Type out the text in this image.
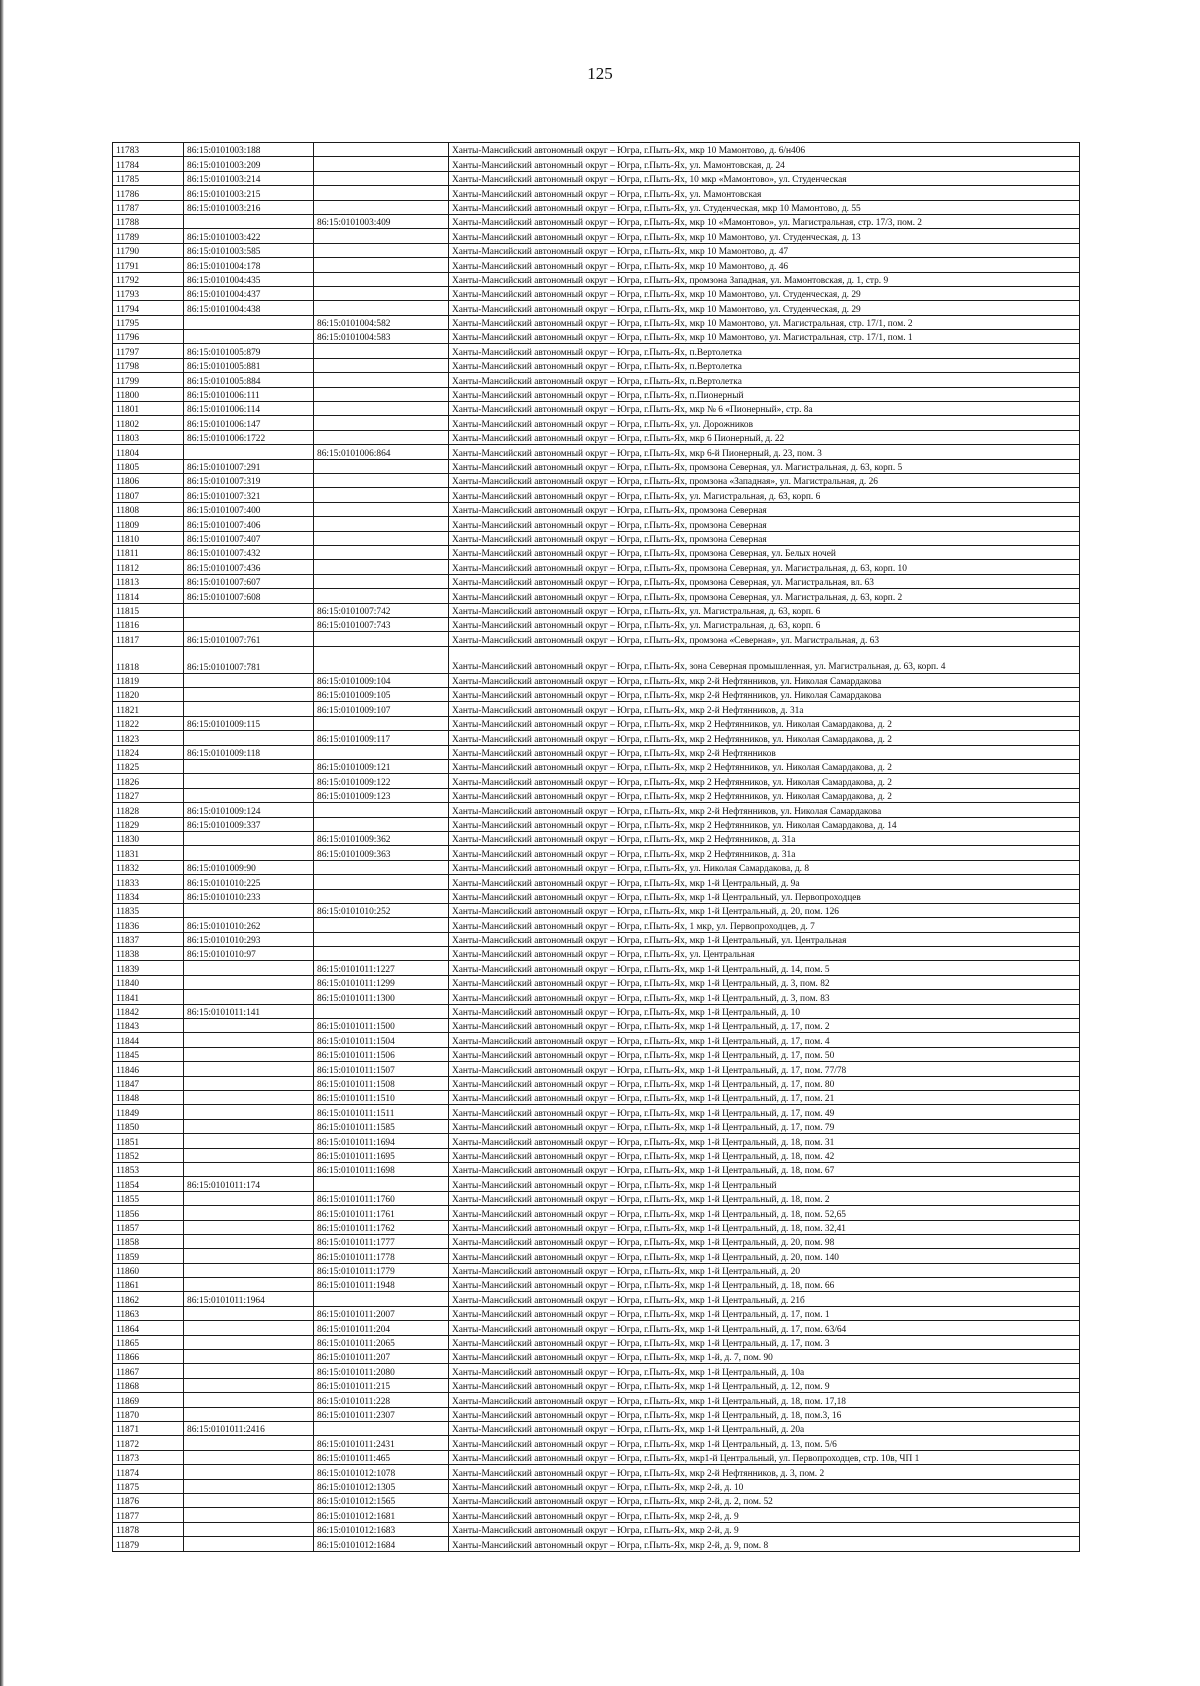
125
11783	86:15:0101003:188		Ханты-Мансийский автономный округ – Югра, г.Пыть-Ях, мкр 10 Мамонтово, д. 6/н406
11784	86:15:0101003:209		Ханты-Мансийский автономный округ – Югра, г.Пыть-Ях, ул. Мамонтовская, д. 24
11785	86:15:0101003:214		Ханты-Мансийский автономный округ – Югра, г.Пыть-Ях, 10 мкр «Мамонтово», ул. Студенческая
11786	86:15:0101003:215		Ханты-Мансийский автономный округ – Югра, г.Пыть-Ях, ул. Мамонтовская
11787	86:15:0101003:216		Ханты-Мансийский автономный округ – Югра, г.Пыть-Ях, ул. Студенческая, мкр 10 Мамонтово, д. 55
11788		86:15:0101003:409	Ханты-Мансийский автономный округ – Югра, г.Пыть-Ях, мкр 10 «Мамонтово», ул. Магистральная, стр. 17/3, пом. 2
11789	86:15:0101003:422		Ханты-Мансийский автономный округ – Югра, г.Пыть-Ях, мкр 10 Мамонтово, ул. Студенческая, д. 13
11790	86:15:0101003:585		Ханты-Мансийский автономный округ – Югра, г.Пыть-Ях, мкр 10 Мамонтово, д. 47
11791	86:15:0101004:178		Ханты-Мансийский автономный округ – Югра, г.Пыть-Ях, мкр 10 Мамонтово, д. 46
11792	86:15:0101004:435		Ханты-Мансийский автономный округ – Югра, г.Пыть-Ях, промзона Западная, ул. Мамонтовская, д. 1, стр. 9
11793	86:15:0101004:437		Ханты-Мансийский автономный округ – Югра, г.Пыть-Ях, мкр 10 Мамонтово, ул. Студенческая, д. 29
11794	86:15:0101004:438		Ханты-Мансийский автономный округ – Югра, г.Пыть-Ях, мкр 10 Мамонтово, ул. Студенческая, д. 29
11795		86:15:0101004:582	Ханты-Мансийский автономный округ – Югра, г.Пыть-Ях, мкр 10 Мамонтово, ул. Магистральная, стр. 17/1, пом. 2
11796		86:15:0101004:583	Ханты-Мансийский автономный округ – Югра, г.Пыть-Ях, мкр 10 Мамонтово, ул. Магистральная, стр. 17/1, пом. 1
11797	86:15:0101005:879		Ханты-Мансийский автономный округ – Югра, г.Пыть-Ях, п.Вертолетка
11798	86:15:0101005:881		Ханты-Мансийский автономный округ – Югра, г.Пыть-Ях, п.Вертолетка
11799	86:15:0101005:884		Ханты-Мансийский автономный округ – Югра, г.Пыть-Ях, п.Вертолетка
11800	86:15:0101006:111		Ханты-Мансийский автономный округ – Югра, г.Пыть-Ях, п.Пионерный
11801	86:15:0101006:114		Ханты-Мансийский автономный округ – Югра, г.Пыть-Ях, мкр № 6 «Пионерный», стр. 8а
11802	86:15:0101006:147		Ханты-Мансийский автономный округ – Югра, г.Пыть-Ях, ул. Дорожников
11803	86:15:0101006:1722		Ханты-Мансийский автономный округ – Югра, г.Пыть-Ях, мкр 6 Пионерный, д. 22
11804		86:15:0101006:864	Ханты-Мансийский автономный округ – Югра, г.Пыть-Ях, мкр 6-й Пионерный, д. 23, пом. 3
11805	86:15:0101007:291		Ханты-Мансийский автономный округ – Югра, г.Пыть-Ях, промзона Северная, ул. Магистральная, д. 63, корп. 5
11806	86:15:0101007:319		Ханты-Мансийский автономный округ – Югра, г.Пыть-Ях, промзона «Западная», ул. Магистральная, д. 26
11807	86:15:0101007:321		Ханты-Мансийский автономный округ – Югра, г.Пыть-Ях, ул. Магистральная, д. 63, корп. 6
11808	86:15:0101007:400		Ханты-Мансийский автономный округ – Югра, г.Пыть-Ях, промзона Северная
11809	86:15:0101007:406		Ханты-Мансийский автономный округ – Югра, г.Пыть-Ях, промзона Северная
11810	86:15:0101007:407		Ханты-Мансийский автономный округ – Югра, г.Пыть-Ях, промзона Северная
11811	86:15:0101007:432		Ханты-Мансийский автономный округ – Югра, г.Пыть-Ях, промзона Северная, ул. Белых ночей
11812	86:15:0101007:436		Ханты-Мансийский автономный округ – Югра, г.Пыть-Ях, промзона Северная, ул. Магистральная, д. 63, корп. 10
11813	86:15:0101007:607		Ханты-Мансийский автономный округ – Югра, г.Пыть-Ях, промзона Северная, ул. Магистральная, вл. 63
11814	86:15:0101007:608		Ханты-Мансийский автономный округ – Югра, г.Пыть-Ях, промзона Северная, ул. Магистральная, д. 63, корп. 2
11815		86:15:0101007:742	Ханты-Мансийский автономный округ – Югра, г.Пыть-Ях, ул. Магистральная, д. 63, корп. 6
11816		86:15:0101007:743	Ханты-Мансийский автономный округ – Югра, г.Пыть-Ях, ул. Магистральная, д. 63, корп. 6
11817	86:15:0101007:761		Ханты-Мансийский автономный округ – Югра, г.Пыть-Ях, промзона «Северная», ул. Магистральная, д. 63
11818	86:15:0101007:781		Ханты-Мансийский автономный округ – Югра, г.Пыть-Ях, зона Северная промышленная, ул. Магистральная, д. 63, корп. 4
11819		86:15:0101009:104	Ханты-Мансийский автономный округ – Югра, г.Пыть-Ях, мкр 2-й Нефтянников, ул. Николая Самардакова
11820		86:15:0101009:105	Ханты-Мансийский автономный округ – Югра, г.Пыть-Ях, мкр 2-й Нефтянников, ул. Николая Самардакова
11821		86:15:0101009:107	Ханты-Мансийский автономный округ – Югра, г.Пыть-Ях, мкр 2-й Нефтянников, д. 31а
11822	86:15:0101009:115		Ханты-Мансийский автономный округ – Югра, г.Пыть-Ях, мкр 2 Нефтянников, ул. Николая Самардакова, д. 2
11823		86:15:0101009:117	Ханты-Мансийский автономный округ – Югра, г.Пыть-Ях, мкр 2 Нефтянников, ул. Николая Самардакова, д. 2
11824	86:15:0101009:118		Ханты-Мансийский автономный округ – Югра, г.Пыть-Ях, мкр 2-й Нефтянников
11825		86:15:0101009:121	Ханты-Мансийский автономный округ – Югра, г.Пыть-Ях, мкр 2 Нефтянников, ул. Николая Самардакова, д. 2
11826		86:15:0101009:122	Ханты-Мансийский автономный округ – Югра, г.Пыть-Ях, мкр 2 Нефтянников, ул. Николая Самардакова, д. 2
11827		86:15:0101009:123	Ханты-Мансийский автономный округ – Югра, г.Пыть-Ях, мкр 2 Нефтянников, ул. Николая Самардакова, д. 2
11828	86:15:0101009:124		Ханты-Мансийский автономный округ – Югра, г.Пыть-Ях, мкр 2-й Нефтянников, ул. Николая Самардакова
11829	86:15:0101009:337		Ханты-Мансийский автономный округ – Югра, г.Пыть-Ях, мкр 2 Нефтянников, ул. Николая Самардакова, д. 14
11830		86:15:0101009:362	Ханты-Мансийский автономный округ – Югра, г.Пыть-Ях, мкр 2 Нефтянников, д. 31а
11831		86:15:0101009:363	Ханты-Мансийский автономный округ – Югра, г.Пыть-Ях, мкр 2 Нефтянников, д. 31а
11832	86:15:0101009:90		Ханты-Мансийский автономный округ – Югра, г.Пыть-Ях, ул. Николая Самардакова, д. 8
11833	86:15:0101010:225		Ханты-Мансийский автономный округ – Югра, г.Пыть-Ях, мкр 1-й Центральный, д. 9а
11834	86:15:0101010:233		Ханты-Мансийский автономный округ – Югра, г.Пыть-Ях, мкр 1-й Центральный, ул. Первопроходцев
11835		86:15:0101010:252	Ханты-Мансийский автономный округ – Югра, г.Пыть-Ях, мкр 1-й Центральный, д. 20, пом. 126
11836	86:15:0101010:262		Ханты-Мансийский автономный округ – Югра, г.Пыть-Ях, 1 мкр, ул. Первопроходцев, д. 7
11837	86:15:0101010:293		Ханты-Мансийский автономный округ – Югра, г.Пыть-Ях, мкр 1-й Центральный, ул. Центральная
11838	86:15:0101010:97		Ханты-Мансийский автономный округ – Югра, г.Пыть-Ях, ул. Центральная
11839		86:15:0101011:1227	Ханты-Мансийский автономный округ – Югра, г.Пыть-Ях, мкр 1-й Центральный, д. 14, пом. 5
11840		86:15:0101011:1299	Ханты-Мансийский автономный округ – Югра, г.Пыть-Ях, мкр 1-й Центральный, д. 3, пом. 82
11841		86:15:0101011:1300	Ханты-Мансийский автономный округ – Югра, г.Пыть-Ях, мкр 1-й Центральный, д. 3, пом. 83
11842	86:15:0101011:141		Ханты-Мансийский автономный округ – Югра, г.Пыть-Ях, мкр 1-й Центральный, д. 10
11843		86:15:0101011:1500	Ханты-Мансийский автономный округ – Югра, г.Пыть-Ях, мкр 1-й Центральный, д. 17, пом. 2
11844		86:15:0101011:1504	Ханты-Мансийский автономный округ – Югра, г.Пыть-Ях, мкр 1-й Центральный, д. 17, пом. 4
11845		86:15:0101011:1506	Ханты-Мансийский автономный округ – Югра, г.Пыть-Ях, мкр 1-й Центральный, д. 17, пом. 50
11846		86:15:0101011:1507	Ханты-Мансийский автономный округ – Югра, г.Пыть-Ях, мкр 1-й Центральный, д. 17, пом. 77/78
11847		86:15:0101011:1508	Ханты-Мансийский автономный округ – Югра, г.Пыть-Ях, мкр 1-й Центральный, д. 17, пом. 80
11848		86:15:0101011:1510	Ханты-Мансийский автономный округ – Югра, г.Пыть-Ях, мкр 1-й Центральный, д. 17, пом. 21
11849		86:15:0101011:1511	Ханты-Мансийский автономный округ – Югра, г.Пыть-Ях, мкр 1-й Центральный, д. 17, пом. 49
11850		86:15:0101011:1585	Ханты-Мансийский автономный округ – Югра, г.Пыть-Ях, мкр 1-й Центральный, д. 17, пом. 79
11851		86:15:0101011:1694	Ханты-Мансийский автономный округ – Югра, г.Пыть-Ях, мкр 1-й Центральный, д. 18, пом. 31
11852		86:15:0101011:1695	Ханты-Мансийский автономный округ – Югра, г.Пыть-Ях, мкр 1-й Центральный, д. 18, пом. 42
11853		86:15:0101011:1698	Ханты-Мансийский автономный округ – Югра, г.Пыть-Ях, мкр 1-й Центральный, д. 18, пом. 67
11854	86:15:0101011:174		Ханты-Мансийский автономный округ – Югра, г.Пыть-Ях, мкр 1-й Центральный
11855		86:15:0101011:1760	Ханты-Мансийский автономный округ – Югра, г.Пыть-Ях, мкр 1-й Центральный, д. 18, пом. 2
11856		86:15:0101011:1761	Ханты-Мансийский автономный округ – Югра, г.Пыть-Ях, мкр 1-й Центральный, д. 18, пом. 52,65
11857		86:15:0101011:1762	Ханты-Мансийский автономный округ – Югра, г.Пыть-Ях, мкр 1-й Центральный, д. 18, пом. 32,41
11858		86:15:0101011:1777	Ханты-Мансийский автономный округ – Югра, г.Пыть-Ях, мкр 1-й Центральный, д. 20, пом. 98
11859		86:15:0101011:1778	Ханты-Мансийский автономный округ – Югра, г.Пыть-Ях, мкр 1-й Центральный, д. 20, пом. 140
11860		86:15:0101011:1779	Ханты-Мансийский автономный округ – Югра, г.Пыть-Ях, мкр 1-й Центральный, д. 20
11861		86:15:0101011:1948	Ханты-Мансийский автономный округ – Югра, г.Пыть-Ях, мкр 1-й Центральный, д. 18, пом. 66
11862	86:15:0101011:1964		Ханты-Мансийский автономный округ – Югра, г.Пыть-Ях, мкр 1-й Центральный, д. 21б
11863		86:15:0101011:2007	Ханты-Мансийский автономный округ – Югра, г.Пыть-Ях, мкр 1-й Центральный, д. 17, пом. 1
11864		86:15:0101011:204	Ханты-Мансийский автономный округ – Югра, г.Пыть-Ях, мкр 1-й Центральный, д. 17, пом. 63/64
11865		86:15:0101011:2065	Ханты-Мансийский автономный округ – Югра, г.Пыть-Ях, мкр 1-й Центральный, д. 17, пом. 3
11866		86:15:0101011:207	Ханты-Мансийский автономный округ – Югра, г.Пыть-Ях, мкр 1-й, д. 7, пом. 90
11867		86:15:0101011:2080	Ханты-Мансийский автономный округ – Югра, г.Пыть-Ях, мкр 1-й Центральный, д. 10а
11868		86:15:0101011:215	Ханты-Мансийский автономный округ – Югра, г.Пыть-Ях, мкр 1-й Центральный, д. 12, пом. 9
11869		86:15:0101011:228	Ханты-Мансийский автономный округ – Югра, г.Пыть-Ях, мкр 1-й Центральный, д. 18, пом. 17,18
11870		86:15:0101011:2307	Ханты-Мансийский автономный округ – Югра, г.Пыть-Ях, мкр 1-й Центральный, д. 18, пом.3, 16
11871	86:15:0101011:2416		Ханты-Мансийский автономный округ – Югра, г.Пыть-Ях, мкр 1-й Центральный, д. 20а
11872		86:15:0101011:2431	Ханты-Мансийский автономный округ – Югра, г.Пыть-Ях, мкр 1-й Центральный, д. 13, пом. 5/6
11873		86:15:0101011:465	Ханты-Мансийский автономный округ – Югра, г.Пыть-Ях, мкр1-й Центральный, ул. Первопроходцев, стр. 10в, ЧП 1
11874		86:15:0101012:1078	Ханты-Мансийский автономный округ – Югра, г.Пыть-Ях, мкр 2-й Нефтянников, д. 3, пом. 2
11875		86:15:0101012:1305	Ханты-Мансийский автономный округ – Югра, г.Пыть-Ях, мкр 2-й, д. 10
11876		86:15:0101012:1565	Ханты-Мансийский автономный округ – Югра, г.Пыть-Ях, мкр 2-й, д. 2, пом. 52
11877		86:15:0101012:1681	Ханты-Мансийский автономный округ – Югра, г.Пыть-Ях, мкр 2-й, д. 9
11878		86:15:0101012:1683	Ханты-Мансийский автономный округ – Югра, г.Пыть-Ях, мкр 2-й, д. 9
11879		86:15:0101012:1684	Ханты-Мансийский автономный округ – Югра, г.Пыть-Ях, мкр 2-й, д. 9, пом. 8
